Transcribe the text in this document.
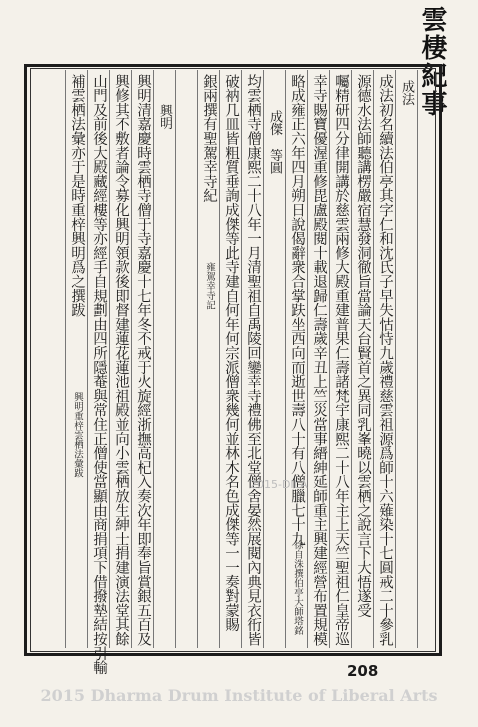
雲棲紀事
成法
成法初名續法伯亭其字仁和沈氏子早失怙恃九歲禮慈雲祖源爲師十六薙染十七圓戒二十參乳
源德水法師聽講楞嚴宿慧發洞徹旨當論天台賢首之異同乳峯曉以雲栖之說言下大悟遂受
囑精研四分律開講於慈雲兩修大殿重建普果仁壽諸梵宇康熙二十八年主上天竺聖祖仁皇帝巡
幸寺賜寶優渥重修毘盧殿閱十載退歸仁壽歲辛丑上竺災當事縉紳延師重主興建經營布置規模
略成雍正六年四月朔日說偈辭衆合掌趺坐西向而逝世壽八十有八僧臘七十九
成傑　等圓
均雲栖寺僧康熙二十八年一月清聖祖自禹陵回鑾幸寺禮佛至北堂僧舍晏然展閱內典見衣衎皆
破衲几皿皆粗質垂詢成傑等此寺建自何年何宗派僧衆幾何並林木名色成傑等一一奏對蒙賜
銀兩撰有聖駕幸寺紀
興明
興明清嘉慶時雲栖寺僧于寺嘉慶十七年冬不戒于火旋經浙撫高杞入奏次年即奉旨賞銀五百及
興修其不敷者論令募化興明領款後即督建蓮花蓮池祖殿並向小雲栖放生紳士捐建演法堂其餘
山門及前後大殿藏經樓等亦經手自規劃由四所隱菴與常住正僧使當顯由商捐項下借撥墊結按引輸
補雲栖法彙亦于是時重梓興明爲之撰跋
徐自洙撰伯亭大師塔銘
雍駕幸寺記
興明重梓雲栖法彙跋
2015-DILA
208
2015 Dharma Drum Institute of Liberal Arts
